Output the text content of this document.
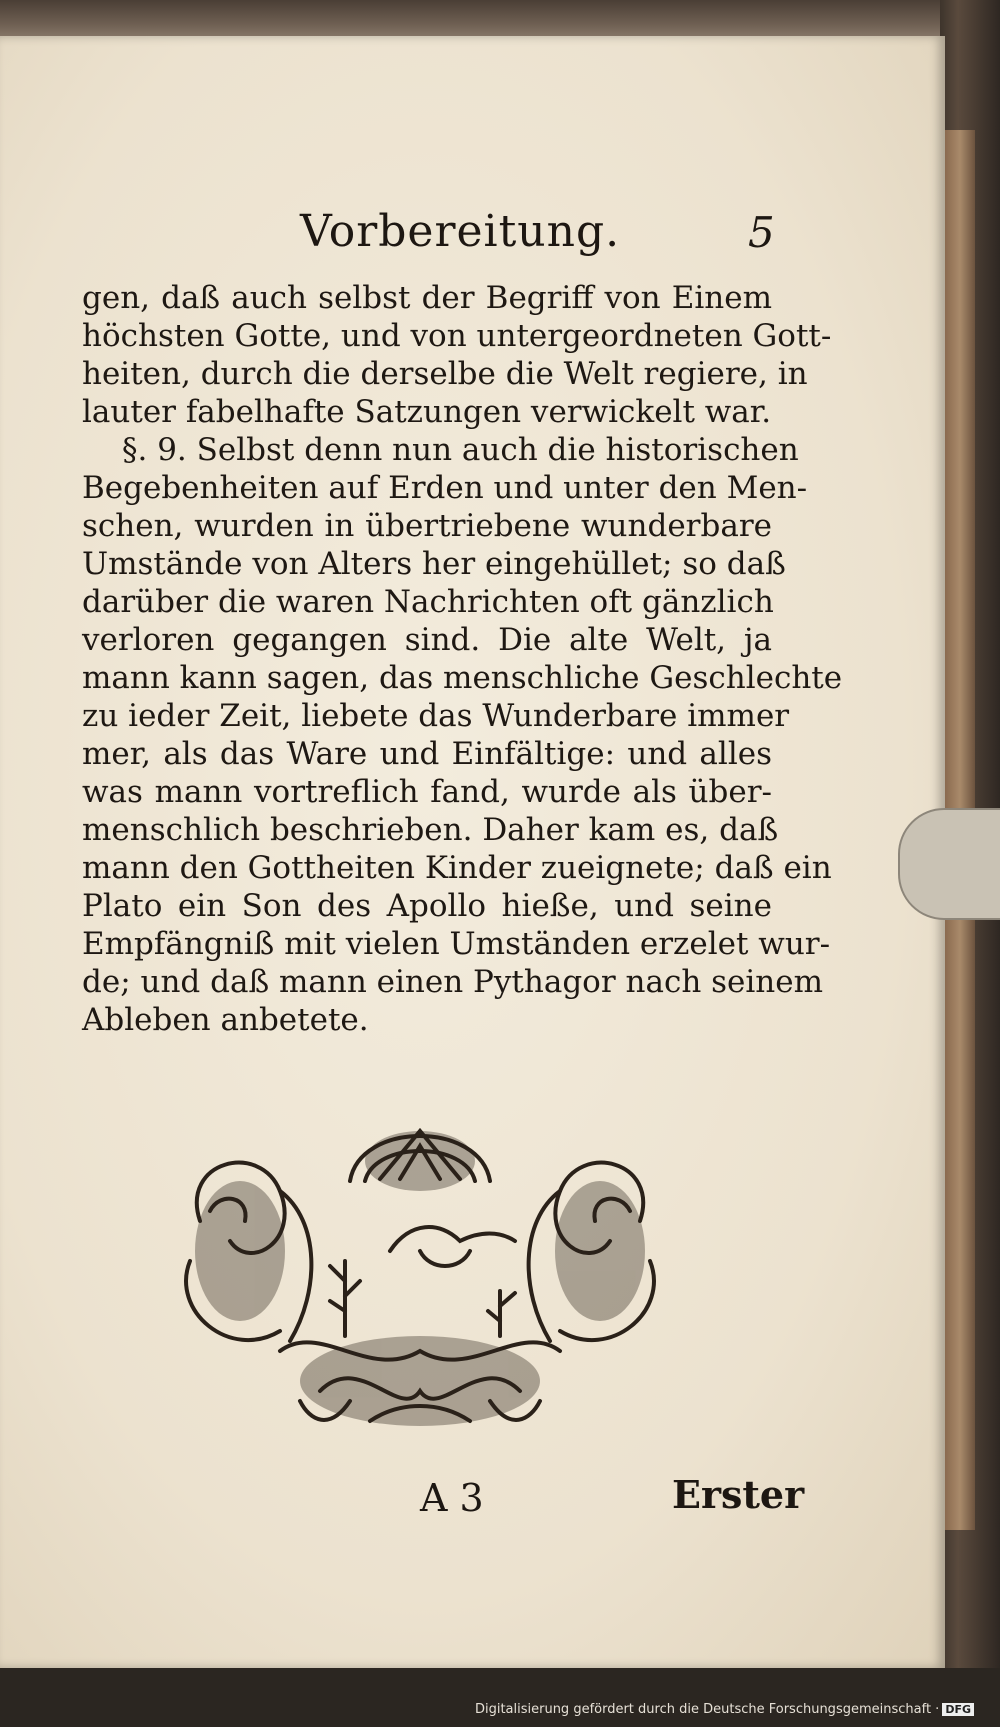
Vorbereitung.	5
gen, daß auch selbst der Begriff von Einem
höchsten Gotte, und von untergeordneten Gott-
heiten, durch die derselbe die Welt regiere, in
lauter fabelhafte Satzungen verwickelt war.
§. 9. Selbst denn nun auch die historischen
Begebenheiten auf Erden und unter den Men-
schen, wurden in übertriebene wunderbare
Umstände von Alters her eingehüllet; so daß
darüber die waren Nachrichten oft gänzlich
verloren gegangen sind. Die alte Welt, ja
mann kann sagen, das menschliche Geschlechte
zu ieder Zeit, liebete das Wunderbare immer
mer, als das Ware und Einfältige: und alles
was mann vortreflich fand, wurde als über-
menschlich beschrieben. Daher kam es, daß
mann den Gottheiten Kinder zueignete; daß ein
Plato ein Son des Apollo hieße, und seine
Empfängniß mit vielen Umständen erzelet wur-
de; und daß mann einen Pythagor nach seinem
Ableben anbetete.
A 3	Erster
Digitalisierung gefördert durch die Deutsche Forschungsgemeinschaft · DFG
